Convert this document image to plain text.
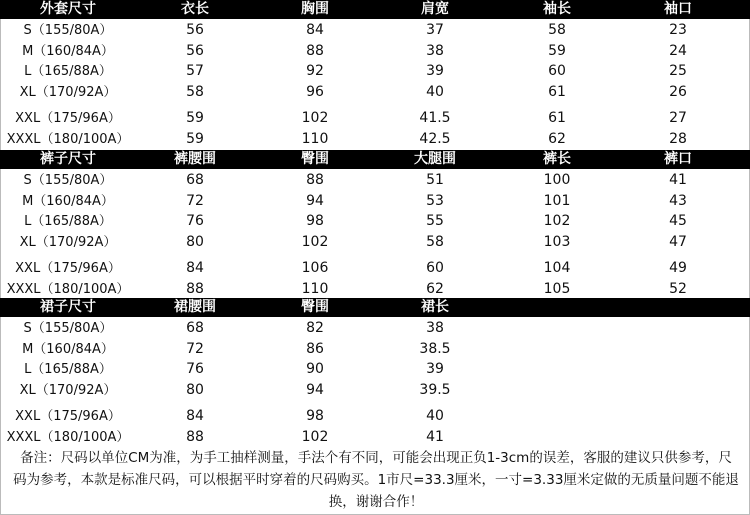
备注：尺码以单位CM为准，为手工抽样测量，手法个有不同，可能会出现正负1-3cm的误差，客服的建议只供参考，尺
码为参考，本款是标准尺码，可以根据平时穿着的尺码购买。1市尺=33.3厘米，一寸=3.33厘米定做的无质量问题不能退
换，谢谢合作！
外套尺寸	衣长	胸围	肩宽	袖长	袖口
S（155/80A）	56	84	37	58	23
M（160/84A）	56	88	38	59	24
L（165/88A）	57	92	39	60	25
XL（170/92A）	58	96	40	61	26
XXL（175/96A）	59	102	41.5	61	27
XXXL（180/100A）	59	110	42.5	62	28
裤子尺寸	裤腰围	臀围	大腿围	裤长	裤口
S（155/80A）	68	88	51	100	41
M（160/84A）	72	94	53	101	43
L（165/88A）	76	98	55	102	45
XL（170/92A）	80	102	58	103	47
XXL（175/96A）	84	106	60	104	49
XXXL（180/100A）	88	110	62	105	52
裙子尺寸	裙腰围	臀围	裙长
S（155/80A）	68	82	38
M（160/84A）	72	86	38.5
L（165/88A）	76	90	39
XL（170/92A）	80	94	39.5
XXL（175/96A）	84	98	40
XXXL（180/100A）	88	102	41
